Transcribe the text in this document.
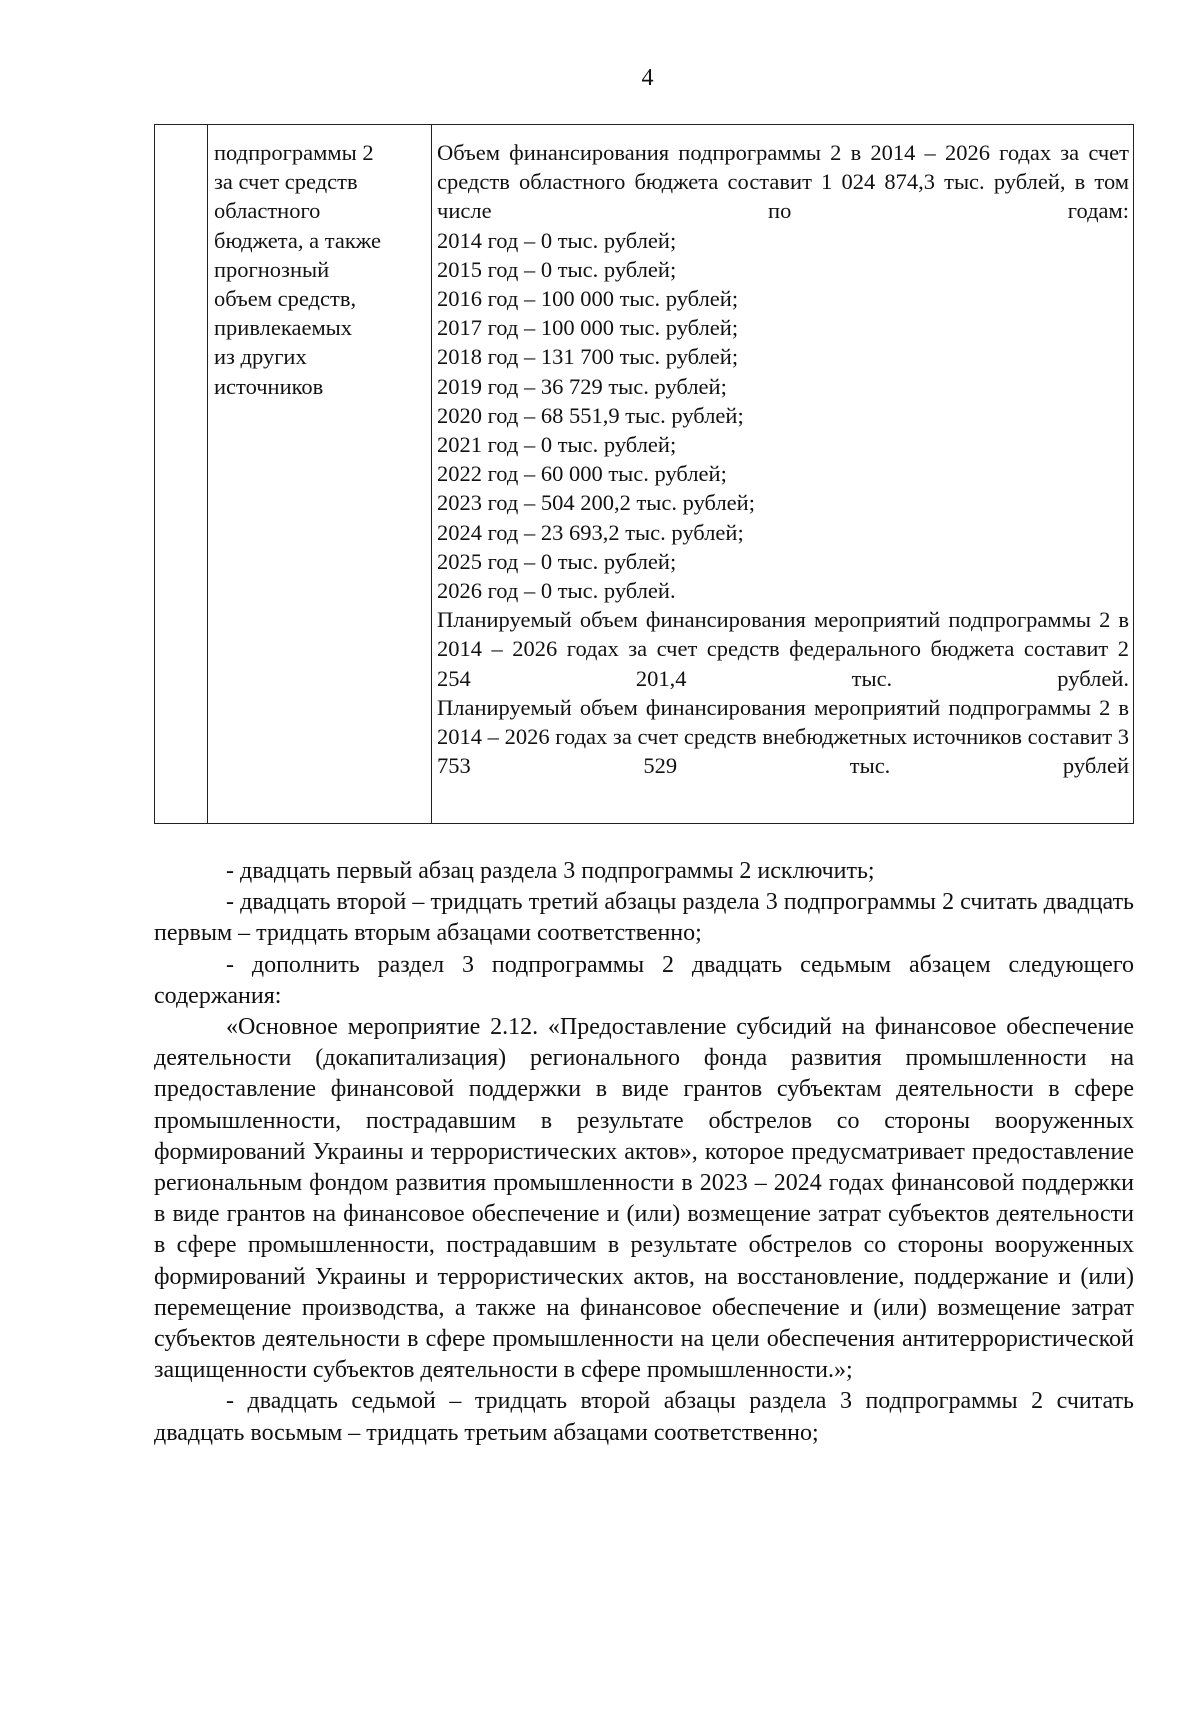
4
подпрограммы 2
за счет средств
областного
бюджета, а также
прогнозный
объем средств,
привлекаемых
из других
источников
Объем финансирования подпрограммы 2 в 2014 – 2026 годах за счет средств областного бюджета составит 1 024 874,3 тыс. рублей, в том числе по годам:
2014 год – 0 тыс. рублей;
2015 год – 0 тыс. рублей;
2016 год – 100 000 тыс. рублей;
2017 год – 100 000 тыс. рублей;
2018 год – 131 700 тыс. рублей;
2019 год – 36 729 тыс. рублей;
2020 год – 68 551,9 тыс. рублей;
2021 год – 0 тыс. рублей;
2022 год – 60 000 тыс. рублей;
2023 год – 504 200,2 тыс. рублей;
2024 год – 23 693,2 тыс. рублей;
2025 год – 0 тыс. рублей;
2026 год – 0 тыс. рублей.
Планируемый объем финансирования мероприятий подпрограммы 2 в 2014 – 2026 годах за счет средств федерального бюджета составит 2 254 201,4 тыс. рублей.
Планируемый объем финансирования мероприятий подпрограммы 2 в 2014 – 2026 годах за счет средств внебюджетных источников составит 3 753 529 тыс. рублей

- двадцать первый абзац раздела 3 подпрограммы 2 исключить;

- двадцать второй – тридцать третий абзацы раздела 3 подпрограммы 2 считать двадцать первым – тридцать вторым абзацами соответственно;

- дополнить раздел 3 подпрограммы 2 двадцать седьмым абзацем следующего содержания:

«Основное мероприятие 2.12. «Предоставление субсидий на финансовое обеспечение деятельности (докапитализация) регионального фонда развития промышленности на предоставление финансовой поддержки в виде грантов субъектам деятельности в сфере промышленности, пострадавшим в результате обстрелов со стороны вооруженных формирований Украины и террористических актов», которое предусматривает предоставление региональным фондом развития промышленности в 2023 – 2024 годах финансовой поддержки в виде грантов на финансовое обеспечение и (или) возмещение затрат субъектов деятельности в сфере промышленности, пострадавшим в результате обстрелов со стороны вооруженных формирований Украины и террористических актов, на восстановление, поддержание и (или) перемещение производства, а также на финансовое обеспечение и (или) возмещение затрат субъектов деятельности в сфере промышленности на цели обеспечения антитеррористической защищенности субъектов деятельности в сфере промышленности.»;

- двадцать седьмой – тридцать второй абзацы раздела 3 подпрограммы 2 считать двадцать восьмым – тридцать третьим абзацами соответственно;
